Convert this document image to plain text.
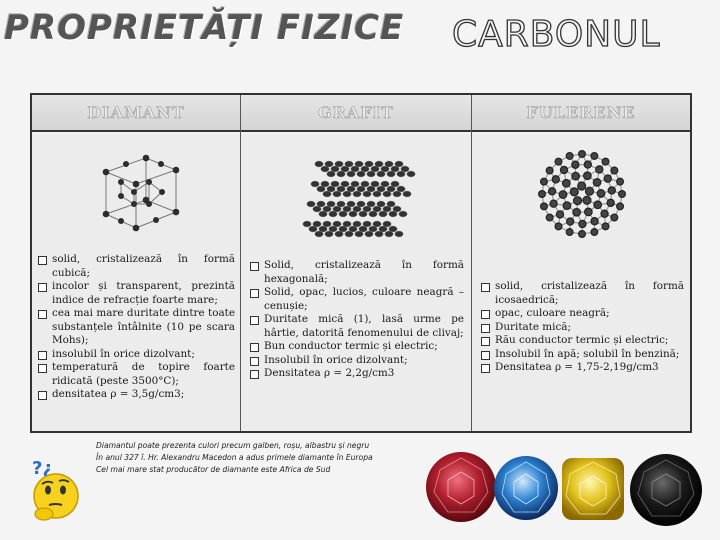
PROPRIETĂȚI FIZICE CARBONUL
DIAMANT
solid, cristalizează în formă cubică;
incolor și transparent, prezintă indice de refracție foarte mare;
cea mai mare duritate dintre toate substanțele întâlnite (10 pe scara Mohs);
insolubil în orice dizolvant;
temperatură de topire foarte ridicată (peste 3500°C);
densitatea ρ = 3,5g/cm3;
GRAFIT
Solid, cristalizează în formă hexagonală;
Solid, opac, lucios, culoare neagră – cenușie;
Duritate mică (1), lasă urme pe hârtie, datorită fenomenului de clivaj;
Bun conductor termic și electric;
Insolubil în orice dizolvant;
Densitatea ρ = 2,2g/cm3
FULERENE
solid, cristalizează în formă icosaedrică;
opac, culoare neagră;
Duritate mică;
Rău conductor termic și electric;
Insolubil în apă; solubil în benzină;
Densitatea ρ = 1,75-2,19g/cm3
?¿
Diamantul poate prezenta culori precum galben, roșu, albastru și negru
În anul 327 î. Hr. Alexandru Macedon a adus primele diamante în Europa
Cel mai mare stat producător de diamante este Africa de Sud
